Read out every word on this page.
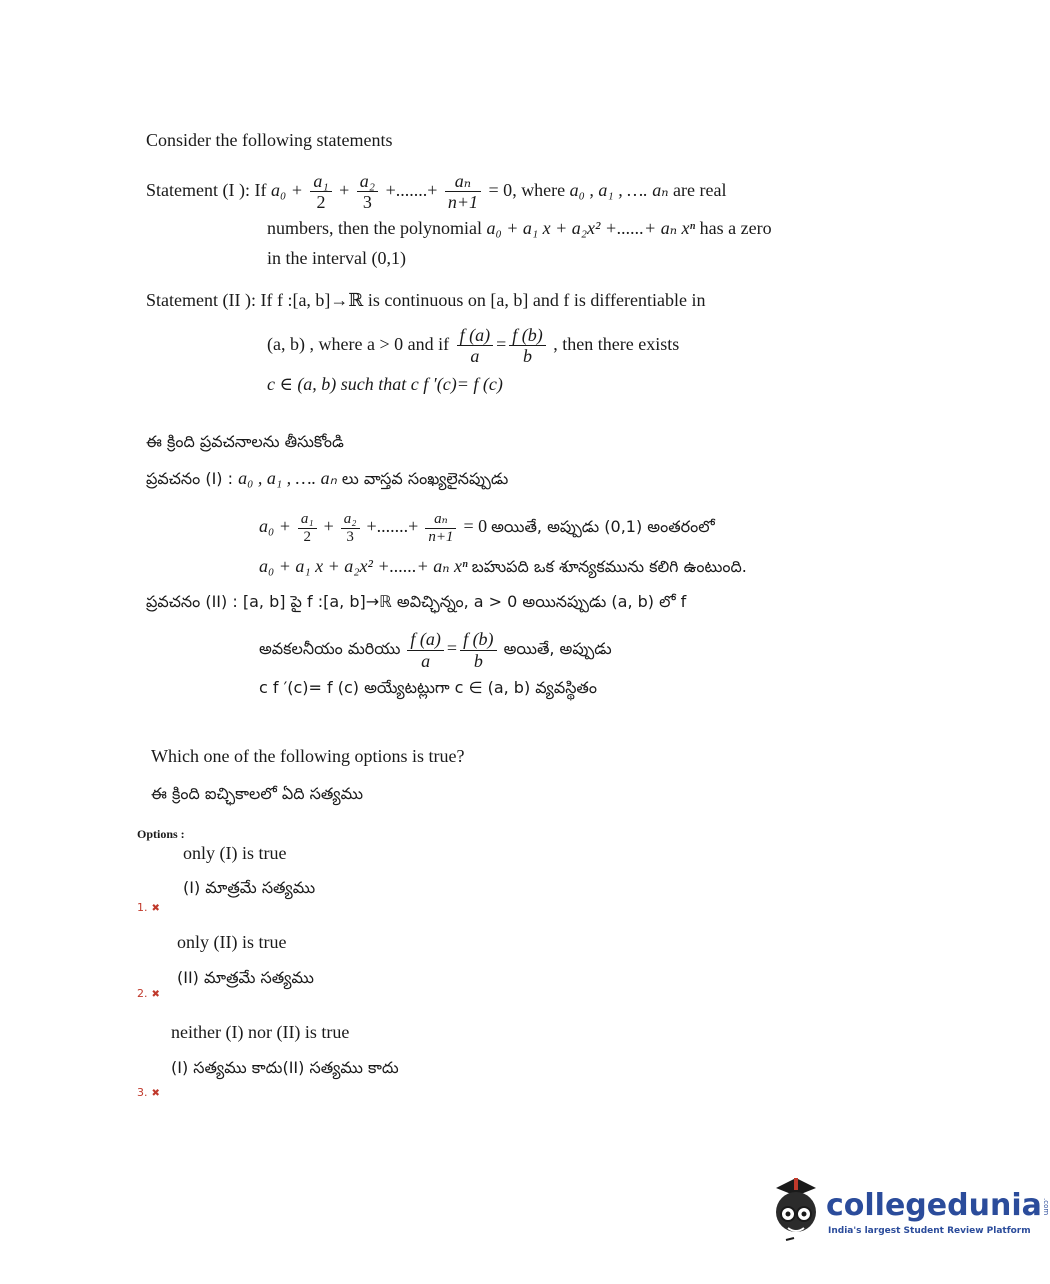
Consider the following statements
Statement (I ): If $a_0 + \frac{\text{a₁}}{2} + \frac{\text{a₂}}{3}$ +.......+ $\frac{\text{aₙ}}{n+1} = 0$, where a₀ , a₁ , …. aₙ are real
numbers, then the polynomial a₀ + a₁ x + a₂x² +......+ aₙ xⁿ has a zero
in the interval (0,1)
Statement (II ): If f :[a, b]→ℝ is continuous on [a, b] and f is differentiable in
(a, b) , where a > 0 and if $\frac{f (a)}{a} = \frac{f (b)}{b}$ , then there exists
c ∈ (a, b) such that c f ′(c)= f (c)
ఈ క్రింది ప్రవచనాలను తీసుకోండి
ప్రవచనం (I) : a₀ , a₁ , …. aₙ లు వాస్తవ సంఖ్యలైనప్పుడు
$a_0 + \frac{\text{a₁}}{2} + \frac{\text{a₂}}{3}$ +.......+ $\frac{\text{aₙ}}{n+1} = 0$ అయితే, అప్పుడు (0,1) అంతరంలో
a₀ + a₁ x + a₂x² +......+ aₙ xⁿ బహుపది ఒక శూన్యకమును కలిగి ఉంటుంది.
ప్రవచనం (II) : [a, b] పై f :[a, b]→ℝ అవిచ్ఛిన్నం, a > 0 అయినప్పుడు (a, b) లో f
అవకలనీయం మరియు $\frac{f (a)}{a} = \frac{f (b)}{b}$ అయితే, అప్పుడు
c f ′(c)= f (c) అయ్యేటట్లుగా c ∈ (a, b) వ్యవస్థితం
Which one of the following options is true?
ఈ క్రింది ఐచ్ఛికాలలో ఏది సత్యము
Options :
only (I) is true
(I) మాత్రమే సత్యము
1. ✖
only (II) is true
(II) మాత్రమే సత్యము
2. ✖
neither (I) nor (II) is true
(I) సత్యము కాదు(II) సత్యము కాదు
3. ✖
collegedunia.com
India's largest Student Review Platform
